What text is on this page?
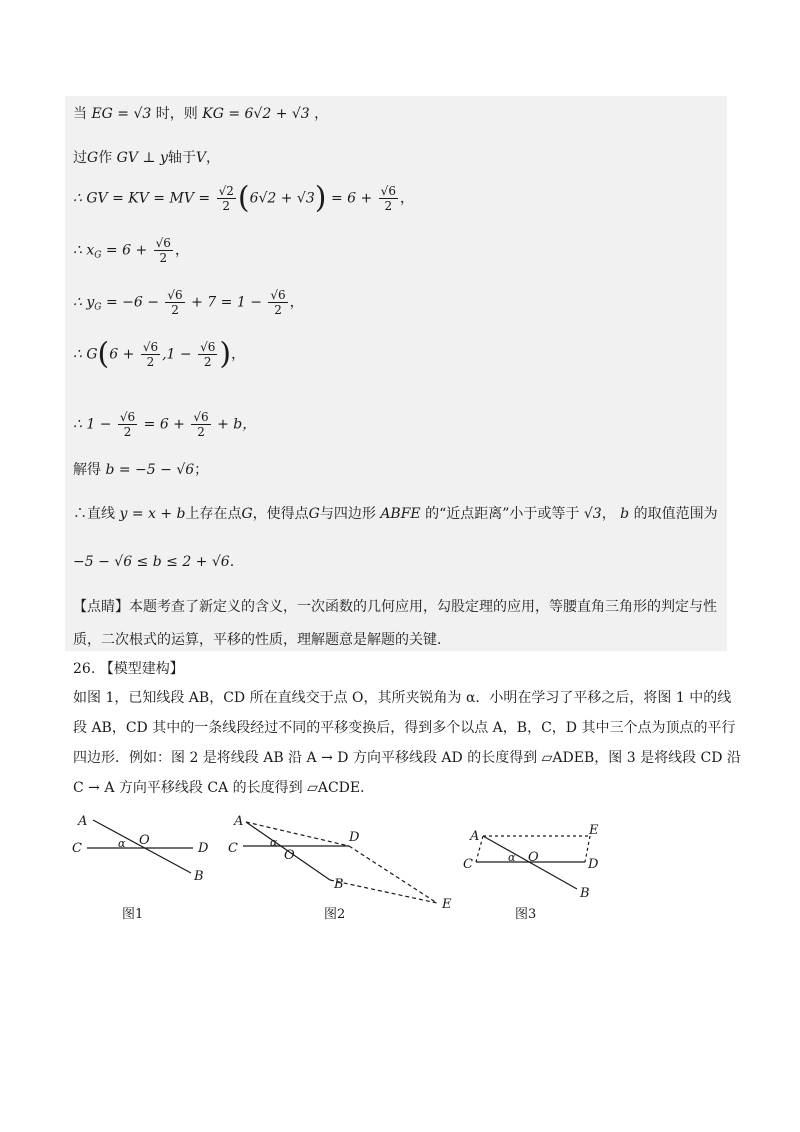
当 EG = √3 时，则 KG = 6√2 + √3 ，
过G作 GV ⊥ y轴于V，
∴ GV = KV = MV = $\frac{√2}{2} (6√2 + √3) = 6 + \frac{√6}{2}$ ，
∴ $x_G = 6 + \frac{√6}{2}$ ，
∴ $y_G = -6 - \frac{√6}{2} + 7 = 1 - \frac{√6}{2}$ ，
∴ $G(6 + \frac{√6}{2} ,1 - \frac{√6}{2}$ )，
∴ $1 - \frac{√6}{2} = 6 + \frac{√6}{2} + b$，
解得 b = −5 − √6；
∴直线 y = x + b上存在点G，使得点G与四边形 ABFE 的“近点距离”小于或等于 √3， b 的取值范围为
−5 − √6 ≤ b ≤ 2 + √6.
【点睛】本题考查了新定义的含义，一次函数的几何应用，勾股定理的应用，等腰直角三角形的判定与性
质，二次根式的运算，平移的性质，理解题意是解题的关键.
26. 【模型建构】
如图 1，已知线段 AB，CD 所在直线交于点 O，其所夹锐角为 α．小明在学习了平移之后，将图 1 中的线
段 AB，CD 其中的一条线段经过不同的平移变换后，得到多个以点 A，B，C，D 其中三个点为顶点的平行
四边形．例如：图 2 是将线段 AB 沿 A → D 方向平移线段 AD 的长度得到 ▱ADEB，图 3 是将线段 CD 沿
C → A 方向平移线段 CA 的长度得到 ▱ACDE．
A
B
C	D
O
α
图1
A
B
C
D
O
E
α
图2
A
B
C	D
O
E
α
图3
